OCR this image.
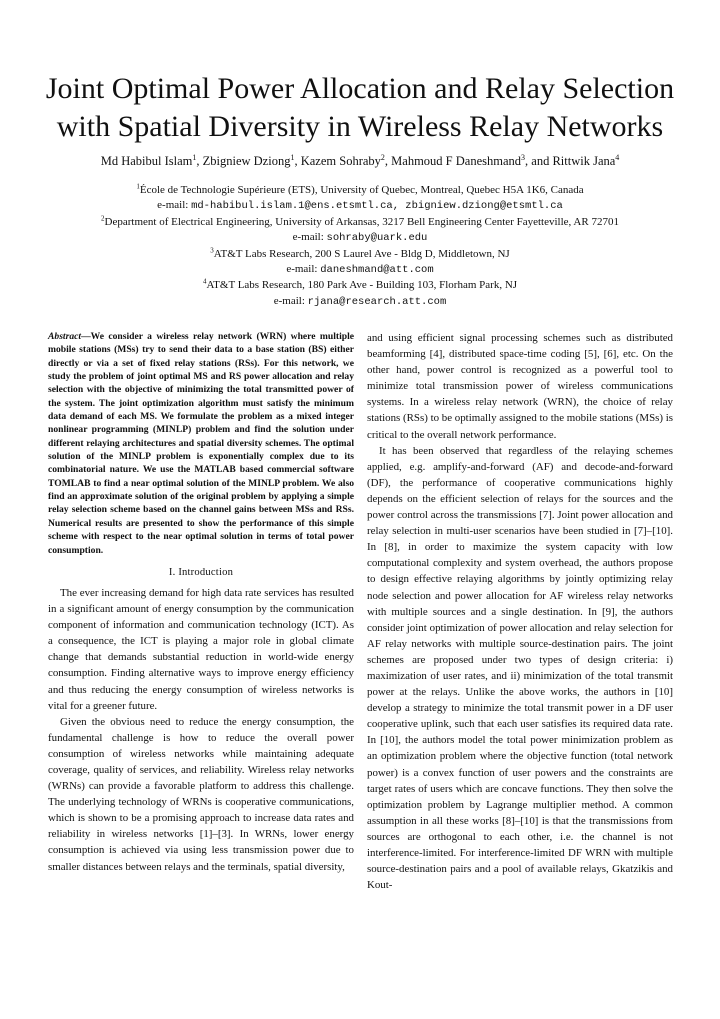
Joint Optimal Power Allocation and Relay Selection
with Spatial Diversity in Wireless Relay Networks
Md Habibul Islam$^1$, Zbigniew Dziong$^1$, Kazem Sohraby$^2$, Mahmoud F Daneshmand$^3$, and Rittwik Jana$^4$
$^1$École de Technologie Supérieure (ETS), University of Quebec, Montreal, Quebec H5A 1K6, Canada
e-mail: md-habibul.islam.1@ens.etsmtl.ca, zbigniew.dziong@etsmtl.ca
$^2$Department of Electrical Engineering, University of Arkansas, 3217 Bell Engineering Center Fayetteville, AR 72701
e-mail: sohraby@uark.edu
$^3$AT&T Labs Research, 200 S Laurel Ave - Bldg D, Middletown, NJ
e-mail: daneshmand@att.com
$^4$AT&T Labs Research, 180 Park Ave - Building 103, Florham Park, NJ
e-mail: rjana@research.att.com

Abstract—We consider a wireless relay network (WRN) where multiple mobile stations (MSs) try to send their data to a base station (BS) either directly or via a set of fixed relay stations (RSs). For this network, we study the problem of joint optimal MS and RS power allocation and relay selection with the objective of minimizing the total transmitted power of the system. The joint optimization algorithm must satisfy the minimum data demand of each MS. We formulate the problem as a mixed integer nonlinear programming (MINLP) problem and find the solution under different relaying architectures and spatial diversity schemes. The optimal solution of the MINLP problem is exponentially complex due to its combinatorial nature. We use the MATLAB based commercial software TOMLAB to find a near optimal solution of the MINLP problem. We also find an approximate solution of the original problem by applying a simple relay selection scheme based on the channel gains between MSs and RSs. Numerical results are presented to show the performance of this simple scheme with respect to the near optimal solution in terms of total power consumption.

I. Introduction

The ever increasing demand for high data rate services has resulted in a significant amount of energy consumption by the communication component of information and communication technology (ICT). As a consequence, the ICT is playing a major role in global climate change that demands substantial reduction in world-wide energy consumption. Finding alternative ways to improve energy efficiency and thus reducing the energy consumption of wireless networks is vital for a greener future.

Given the obvious need to reduce the energy consumption, the fundamental challenge is how to reduce the overall power consumption of wireless networks while maintaining adequate coverage, quality of services, and reliability. Wireless relay networks (WRNs) can provide a favorable platform to address this challenge. The underlying technology of WRNs is cooperative communications, which is shown to be a promising approach to increase data rates and reliability in wireless networks [1]–[3]. In WRNs, lower energy consumption is achieved via using less transmission power due to smaller distances between relays and the terminals, spatial diversity,

and using efficient signal processing schemes such as distributed beamforming [4], distributed space-time coding [5], [6], etc. On the other hand, power control is recognized as a powerful tool to minimize total transmission power of wireless communications systems. In a wireless relay network (WRN), the choice of relay stations (RSs) to be optimally assigned to the mobile stations (MSs) is critical to the overall network performance.

It has been observed that regardless of the relaying schemes applied, e.g. amplify-and-forward (AF) and decode-and-forward (DF), the performance of cooperative communications highly depends on the efficient selection of relays for the sources and the power control across the transmissions [7]. Joint power allocation and relay selection in multi-user scenarios have been studied in [7]–[10]. In [8], in order to maximize the system capacity with low computational complexity and system overhead, the authors propose to design effective relaying algorithms by jointly optimizing relay node selection and power allocation for AF wireless relay networks with multiple sources and a single destination. In [9], the authors consider joint optimization of power allocation and relay selection for AF relay networks with multiple source-destination pairs. The joint schemes are proposed under two types of design criteria: i) maximization of user rates, and ii) minimization of the total transmit power at the relays. Unlike the above works, the authors in [10] develop a strategy to minimize the total transmit power in a DF user cooperative uplink, such that each user satisfies its required data rate. In [10], the authors model the total power minimization problem as an optimization problem where the objective function (total network power) is a convex function of user powers and the constraints are target rates of users which are concave functions. They then solve the optimization problem by Lagrange multiplier method. A common assumption in all these works [8]–[10] is that the transmissions from sources are orthogonal to each other, i.e. the channel is not interference-limited. For interference-limited DF WRN with multiple source-destination pairs and a pool of available relays, Gkatzikis and Kout-
